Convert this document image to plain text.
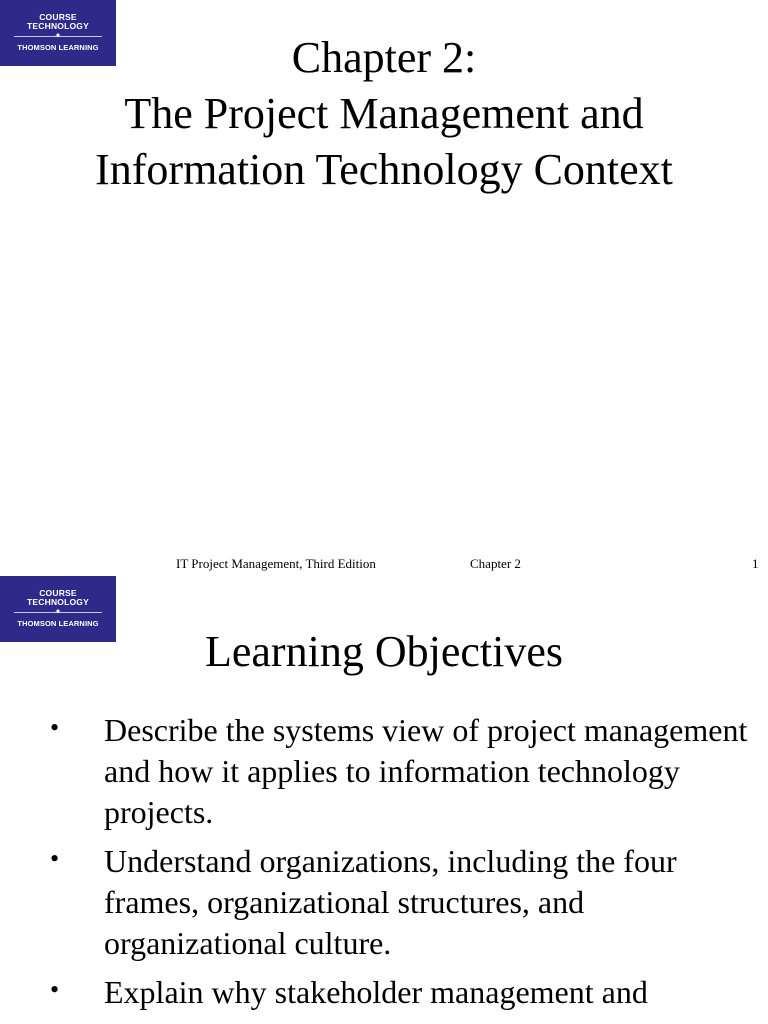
COURSE
TECHNOLOGY
✦
THOMSON LEARNING	Chapter 2:
The Project Management and
Information Technology Context
IT Project Management, Third Edition	Chapter 2	1
COURSE
TECHNOLOGY
✦
THOMSON LEARNING
Learning Objectives
• Describe the systems view of project management and how it applies to information technology projects.
• Understand organizations, including the four frames, organizational structures, and organizational culture.
• Explain why stakeholder management and
